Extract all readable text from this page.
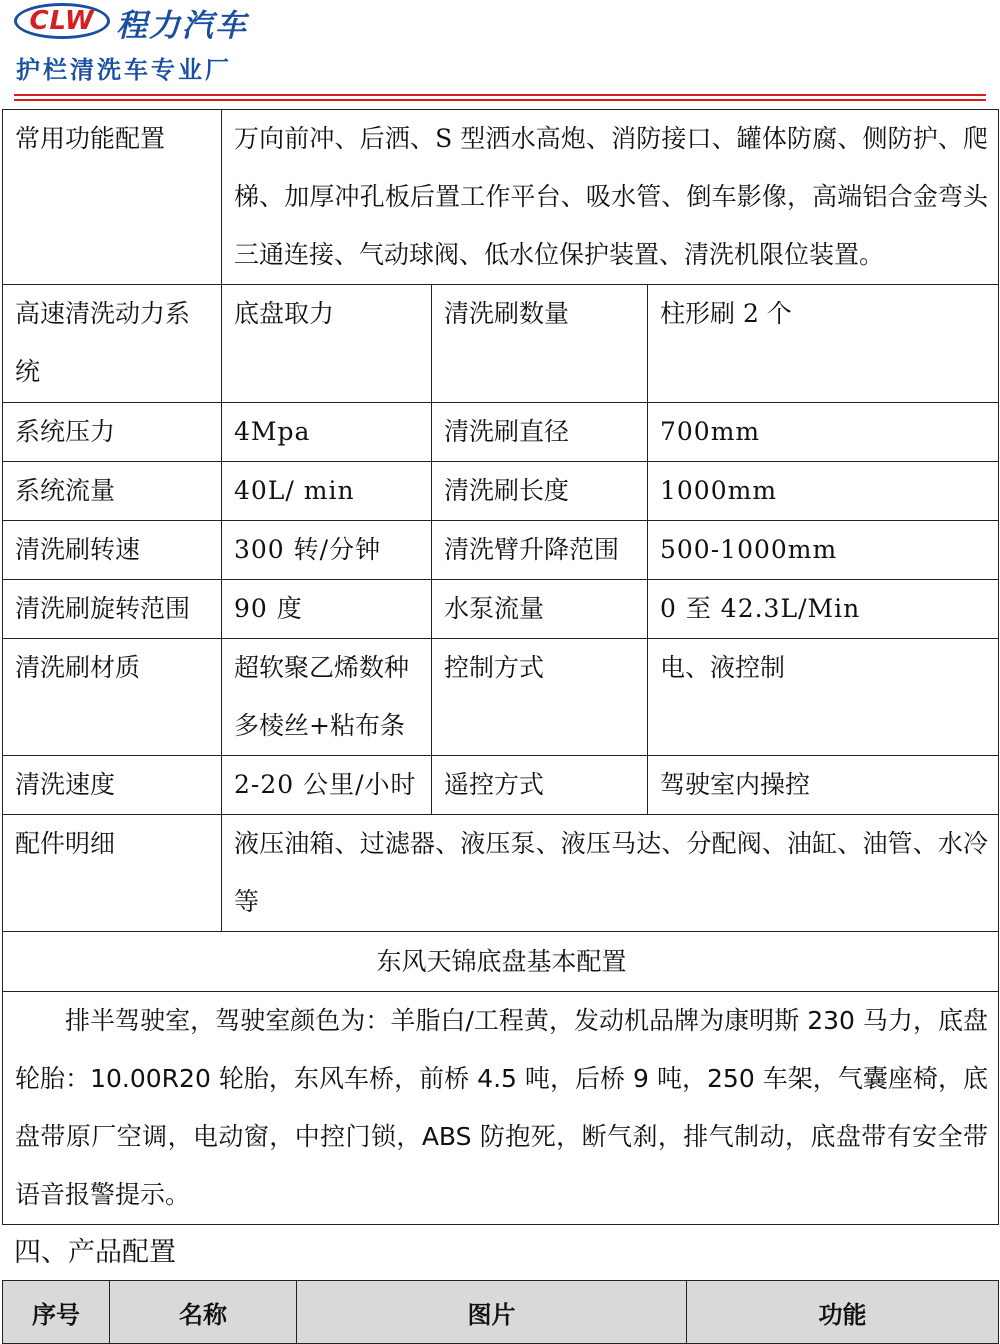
CLW 程力汽车
护栏清洗车专业厂
常用功能配置	万向前冲、后洒、S 型洒水高炮、消防接口、罐体防腐、侧防护、爬梯、加厚冲孔板后置工作平台、吸水管、倒车影像，高端铝合金弯头三通连接、气动球阀、低水位保护装置、清洗机限位装置。		
高速清洗动力系统	底盘取力	清洗刷数量	柱形刷 2 个
系统压力	4Mpa	清洗刷直径	700mm
系统流量	40L/ min	清洗刷长度	1000mm
清洗刷转速	300 转/分钟	清洗臂升降范围	500-1000mm
清洗刷旋转范围	90 度	水泵流量	0 至 42.3L/Min
清洗刷材质	超软聚乙烯数种多棱丝+粘布条	控制方式	电、液控制
清洗速度	2-20 公里/小时	遥控方式	驾驶室内操控
配件明细	液压油箱、过滤器、液压泵、液压马达、分配阀、油缸、油管、水冷等		
东风天锦底盘基本配置			
排半驾驶室，驾驶室颜色为：羊脂白/工程黄，发动机品牌为康明斯 230 马力，底盘轮胎：10.00R20 轮胎，东风车桥，前桥 4.5 吨，后桥 9 吨，250 车架，气囊座椅，底盘带原厂空调，电动窗，中控门锁，ABS 防抱死，断气刹，排气制动，底盘带有安全带语音报警提示。			
四、产品配置
序号	名称	图片	功能
